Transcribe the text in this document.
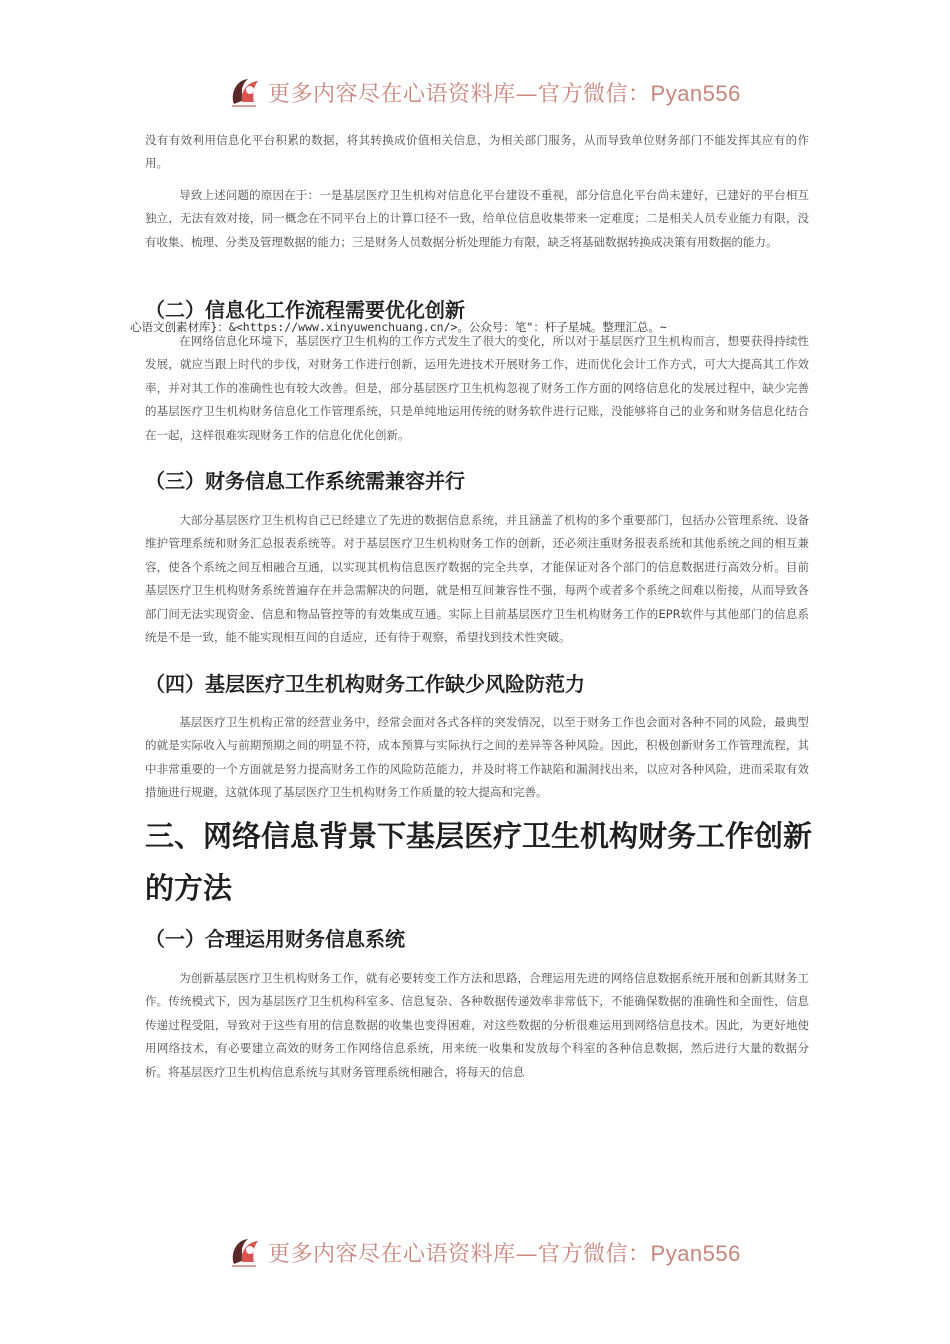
更多内容尽在心语资料库—官方微信：Pyan556

没有有效利用信息化平台积累的数据，将其转换成价值相关信息，为相关部门服务，从而导致单位财务部门不能发挥其应有的作用。

导致上述问题的原因在于：一是基层医疗卫生机构对信息化平台建设不重视，部分信息化平台尚未建好，已建好的平台相互独立，无法有效对接，同一概念在不同平台上的计算口径不一致，给单位信息收集带来一定难度；二是相关人员专业能力有限，没有收集、梳理、分类及管理数据的能力；三是财务人员数据分析处理能力有限，缺乏将基础数据转换成决策有用数据的能力。

（二）信息化工作流程需要优化创新
心语文创素材库}：&<https://www.xinyuwenchuang.cn/>。公众号：笔"：杆子星城。整理汇总。~

在网络信息化环境下，基层医疗卫生机构的工作方式发生了很大的变化，所以对于基层医疗卫生机构而言，想要获得持续性发展，就应当跟上时代的步伐，对财务工作进行创新，运用先进技术开展财务工作，进而优化会计工作方式，可大大提高其工作效率，并对其工作的准确性也有较大改善。但是，部分基层医疗卫生机构忽视了财务工作方面的网络信息化的发展过程中，缺少完善的基层医疗卫生机构财务信息化工作管理系统，只是单纯地运用传统的财务软件进行记账，没能够将自己的业务和财务信息化结合在一起，这样很难实现财务工作的信息化优化创新。

（三）财务信息工作系统需兼容并行

大部分基层医疗卫生机构自己已经建立了先进的数据信息系统，并且涵盖了机构的多个重要部门，包括办公管理系统、设备维护管理系统和财务汇总报表系统等。对于基层医疗卫生机构财务工作的创新，还必须注重财务报表系统和其他系统之间的相互兼容，使各个系统之间互相融合互通，以实现其机构信息医疗数据的完全共享，才能保证对各个部门的信息数据进行高效分析。目前基层医疗卫生机构财务系统普遍存在并急需解决的问题，就是相互间兼容性不强，每两个或者多个系统之间难以衔接，从而导致各部门间无法实现资金、信息和物品管控等的有效集成互通。实际上目前基层医疗卫生机构财务工作的EPR软件与其他部门的信息系统是不是一致，能不能实现相互间的自适应，还有待于观察，希望找到技术性突破。

（四）基层医疗卫生机构财务工作缺少风险防范力

基层医疗卫生机构正常的经营业务中，经常会面对各式各样的突发情况，以至于财务工作也会面对各种不同的风险，最典型的就是实际收入与前期预期之间的明显不符，成本预算与实际执行之间的差异等各种风险。因此，积极创新财务工作管理流程，其中非常重要的一个方面就是努力提高财务工作的风险防范能力，并及时将工作缺陷和漏洞找出来，以应对各种风险，进而采取有效措施进行规避，这就体现了基层医疗卫生机构财务工作质量的较大提高和完善。

三、网络信息背景下基层医疗卫生机构财务工作创新的方法
（一）合理运用财务信息系统

为创新基层医疗卫生机构财务工作，就有必要转变工作方法和思路，合理运用先进的网络信息数据系统开展和创新其财务工作。传统模式下，因为基层医疗卫生机构科室多、信息复杂、各种数据传递效率非常低下，不能确保数据的准确性和全面性，信息传递过程受阻，导致对于这些有用的信息数据的收集也变得困难，对这些数据的分析很难运用到网络信息技术。因此，为更好地使用网络技术，有必要建立高效的财务工作网络信息系统，用来统一收集和发放每个科室的各种信息数据，然后进行大量的数据分析。将基层医疗卫生机构信息系统与其财务管理系统相融合，将每天的信息

更多内容尽在心语资料库—官方微信：Pyan556
